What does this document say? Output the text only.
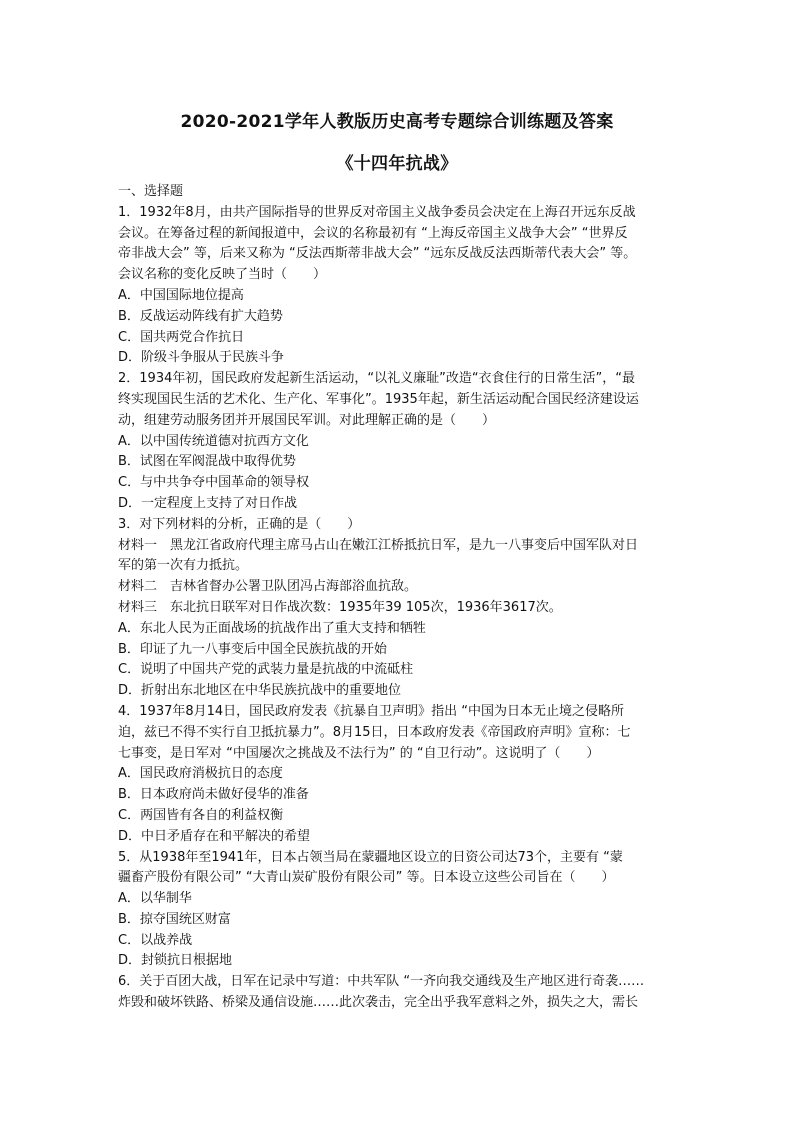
2020-2021学年人教版历史高考专题综合训练题及答案
《十四年抗战》
一、选择题
1．1932年8月，由共产国际指导的世界反对帝国主义战争委员会决定在上海召开远东反战
会议。在筹备过程的新闻报道中，会议的名称最初有 “上海反帝国主义战争大会” “世界反
帝非战大会” 等，后来又称为 “反法西斯蒂非战大会” “远东反战反法西斯蒂代表大会” 等。
会议名称的变化反映了当时（　　）
A．中国国际地位提高
B．反战运动阵线有扩大趋势
C．国共两党合作抗日
D．阶级斗争服从于民族斗争
2．1934年初，国民政府发起新生活运动，“以礼义廉耻”改造“衣食住行的日常生活”，“最
终实现国民生活的艺术化、生产化、军事化”。1935年起，新生活运动配合国民经济建设运
动，组建劳动服务团并开展国民军训。对此理解正确的是（　　）
A．以中国传统道德对抗西方文化
B．试图在军阀混战中取得优势
C．与中共争夺中国革命的领导权
D．一定程度上支持了对日作战
3．对下列材料的分析，正确的是（　　）
材料一　黑龙江省政府代理主席马占山在嫩江江桥抵抗日军，是九一八事变后中国军队对日
军的第一次有力抵抗。
材料二　吉林省督办公署卫队团冯占海部浴血抗敌。
材料三　东北抗日联军对日作战次数：1935年39 105次，1936年3617次。
A．东北人民为正面战场的抗战作出了重大支持和牺牲
B．印证了九一八事变后中国全民族抗战的开始
C．说明了中国共产党的武装力量是抗战的中流砥柱
D．折射出东北地区在中华民族抗战中的重要地位
4．1937年8月14日，国民政府发表《抗暴自卫声明》指出 “中国为日本无止境之侵略所
迫，兹已不得不实行自卫抵抗暴力”。8月15日，日本政府发表《帝国政府声明》宣称：七
七事变，是日军对 “中国屡次之挑战及不法行为” 的 “自卫行动”。这说明了（　　）
A．国民政府消极抗日的态度
B．日本政府尚未做好侵华的准备
C．两国皆有各自的利益权衡
D．中日矛盾存在和平解决的希望
5．从1938年至1941年，日本占领当局在蒙疆地区设立的日资公司达73个，主要有 “蒙
疆畜产股份有限公司” “大青山炭矿股份有限公司” 等。日本设立这些公司旨在（　　）
A．以华制华
B．掠夺国统区财富
C．以战养战
D．封锁抗日根据地
6．关于百团大战，日军在记录中写道：中共军队 “一齐向我交通线及生产地区进行奇袭……
炸毁和破坏铁路、桥梁及通信设施……此次袭击，完全出乎我军意料之外，损失之大，需长
